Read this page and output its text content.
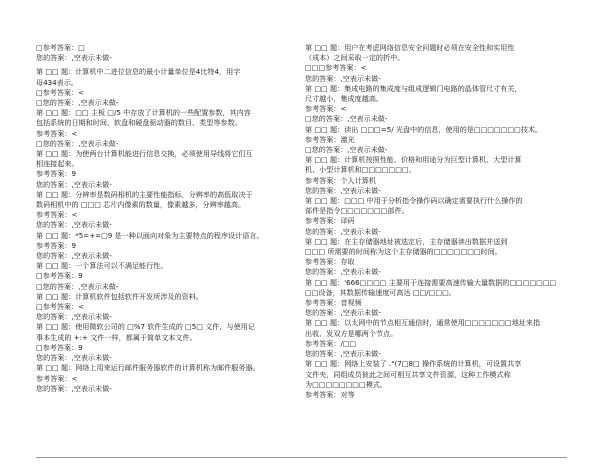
□参考答案：□
您的答案：,空表示未做-
第 □□ 题：计算机中二进位信息的最小计量单位是4比特4，用字
母434表示。
□参考答案：<
□您的答案：,空表示未做-
第 □□ 题：□□ 主板 □/5 中存放了计算机的一些配置参数，其内容
包括系统的日期和时间、软盘和硬盘驱动器的数目、类型等参数。
参考答案：<
□您的答案：,空表示未做-
第 □□ 题：为使两台计算机能进行信息交换，必须使用导线将它们互
相连接起来。
参考答案：9
您的答案：,空表示未做-
第 □□ 题：分辨率是数码相机的主要性能指标，分辨率的高低取决于
数码相机中的 □□□ 芯片内像素的数量，像素越多，分辨率越高。
参考答案：<
您的答案：,空表示未做-
第 □□ 题：*5=+=□9 是一种以面向对象为主要特点的程序设计语言。
参考答案：9
您的答案：,空表示未做-
第 □□ 题：一个算法可以不满足能行性。
□参考答案：9
□您的答案：,空表示未做-
第 □□ 题：计算机软件包括软件开发所涉及的资料。
□参考答案：<
您的答案：,空表示未做-
第 □□ 题：使用微软公司的 □%7 软件生成的 □5□ 文件，与使用记
事本生成的 +:+ 文件一样，都属于简单文本文件。
□参考答案：9
您的答案：,空表示未做-
第 □□ 题：网络上用来运行邮件服务器软件的计算机称为邮件服务器。
参考答案：<
您的答案：,空表示未做-
第 □□ 题：用户在考虑网络信息安全问题时必须在安全性和实用性
（成本）之间采取一定的折中。
□□□参考答案：<
您的答案：,空表示未做-
第 □□ 题：集成电路的集成度与组成逻辑门电路的晶体管尺寸有关，
尺寸越小，集成度越高。
参考答案：<
□您的答案：,空表示未做-
第 □□ 题：读出 □□□=5/ 光盘中的信息，使用的是□□□□□□□技术。
参考答案：激光
□您的答案：,空表示未做-
第 □□ 题：计算机按照性能、价格和用途分为巨型计算机、大型计算
机、小型计算机和□□□□□□□。
参考答案：个人计算机
您的答案：,空表示未做-
第 □□ 题：□□□ 中用于分析指令操作码以确定需要执行什么操作的
部件是指令□□□□□□□部件。
参考答案：译码
您的答案：,空表示未做-
第 □□ 题：在主存储器地址被选定后，主存储器读出数据并送到
□□□ 所需要的时间称为这个主存储器的□□□□□□□时间。
参考答案：存取
您的答案：,空表示未做-
第 □□ 题：'666□□□□ 主要用于连接需要高速传输大量数据的□□□□□□□
□□设备，其数据传输速度可高达 □□/□□□。
参考答案：音视频
您的答案：,空表示未做-
第 □□ 题：以太网中的节点相互通信时，通常使用□□□□□□□地址来指
出收、发双方是哪两个节点。
参考答案：/□□
您的答案：,空表示未做-
第 □□ 题：网络上安装了 ."(7□8□ 操作系统的计算机，可设置共享
文件夹，同组成员彼此之间可相互共享文件资源，这种工作模式称
为□□□□□□□□模式。
参考答案：对等
